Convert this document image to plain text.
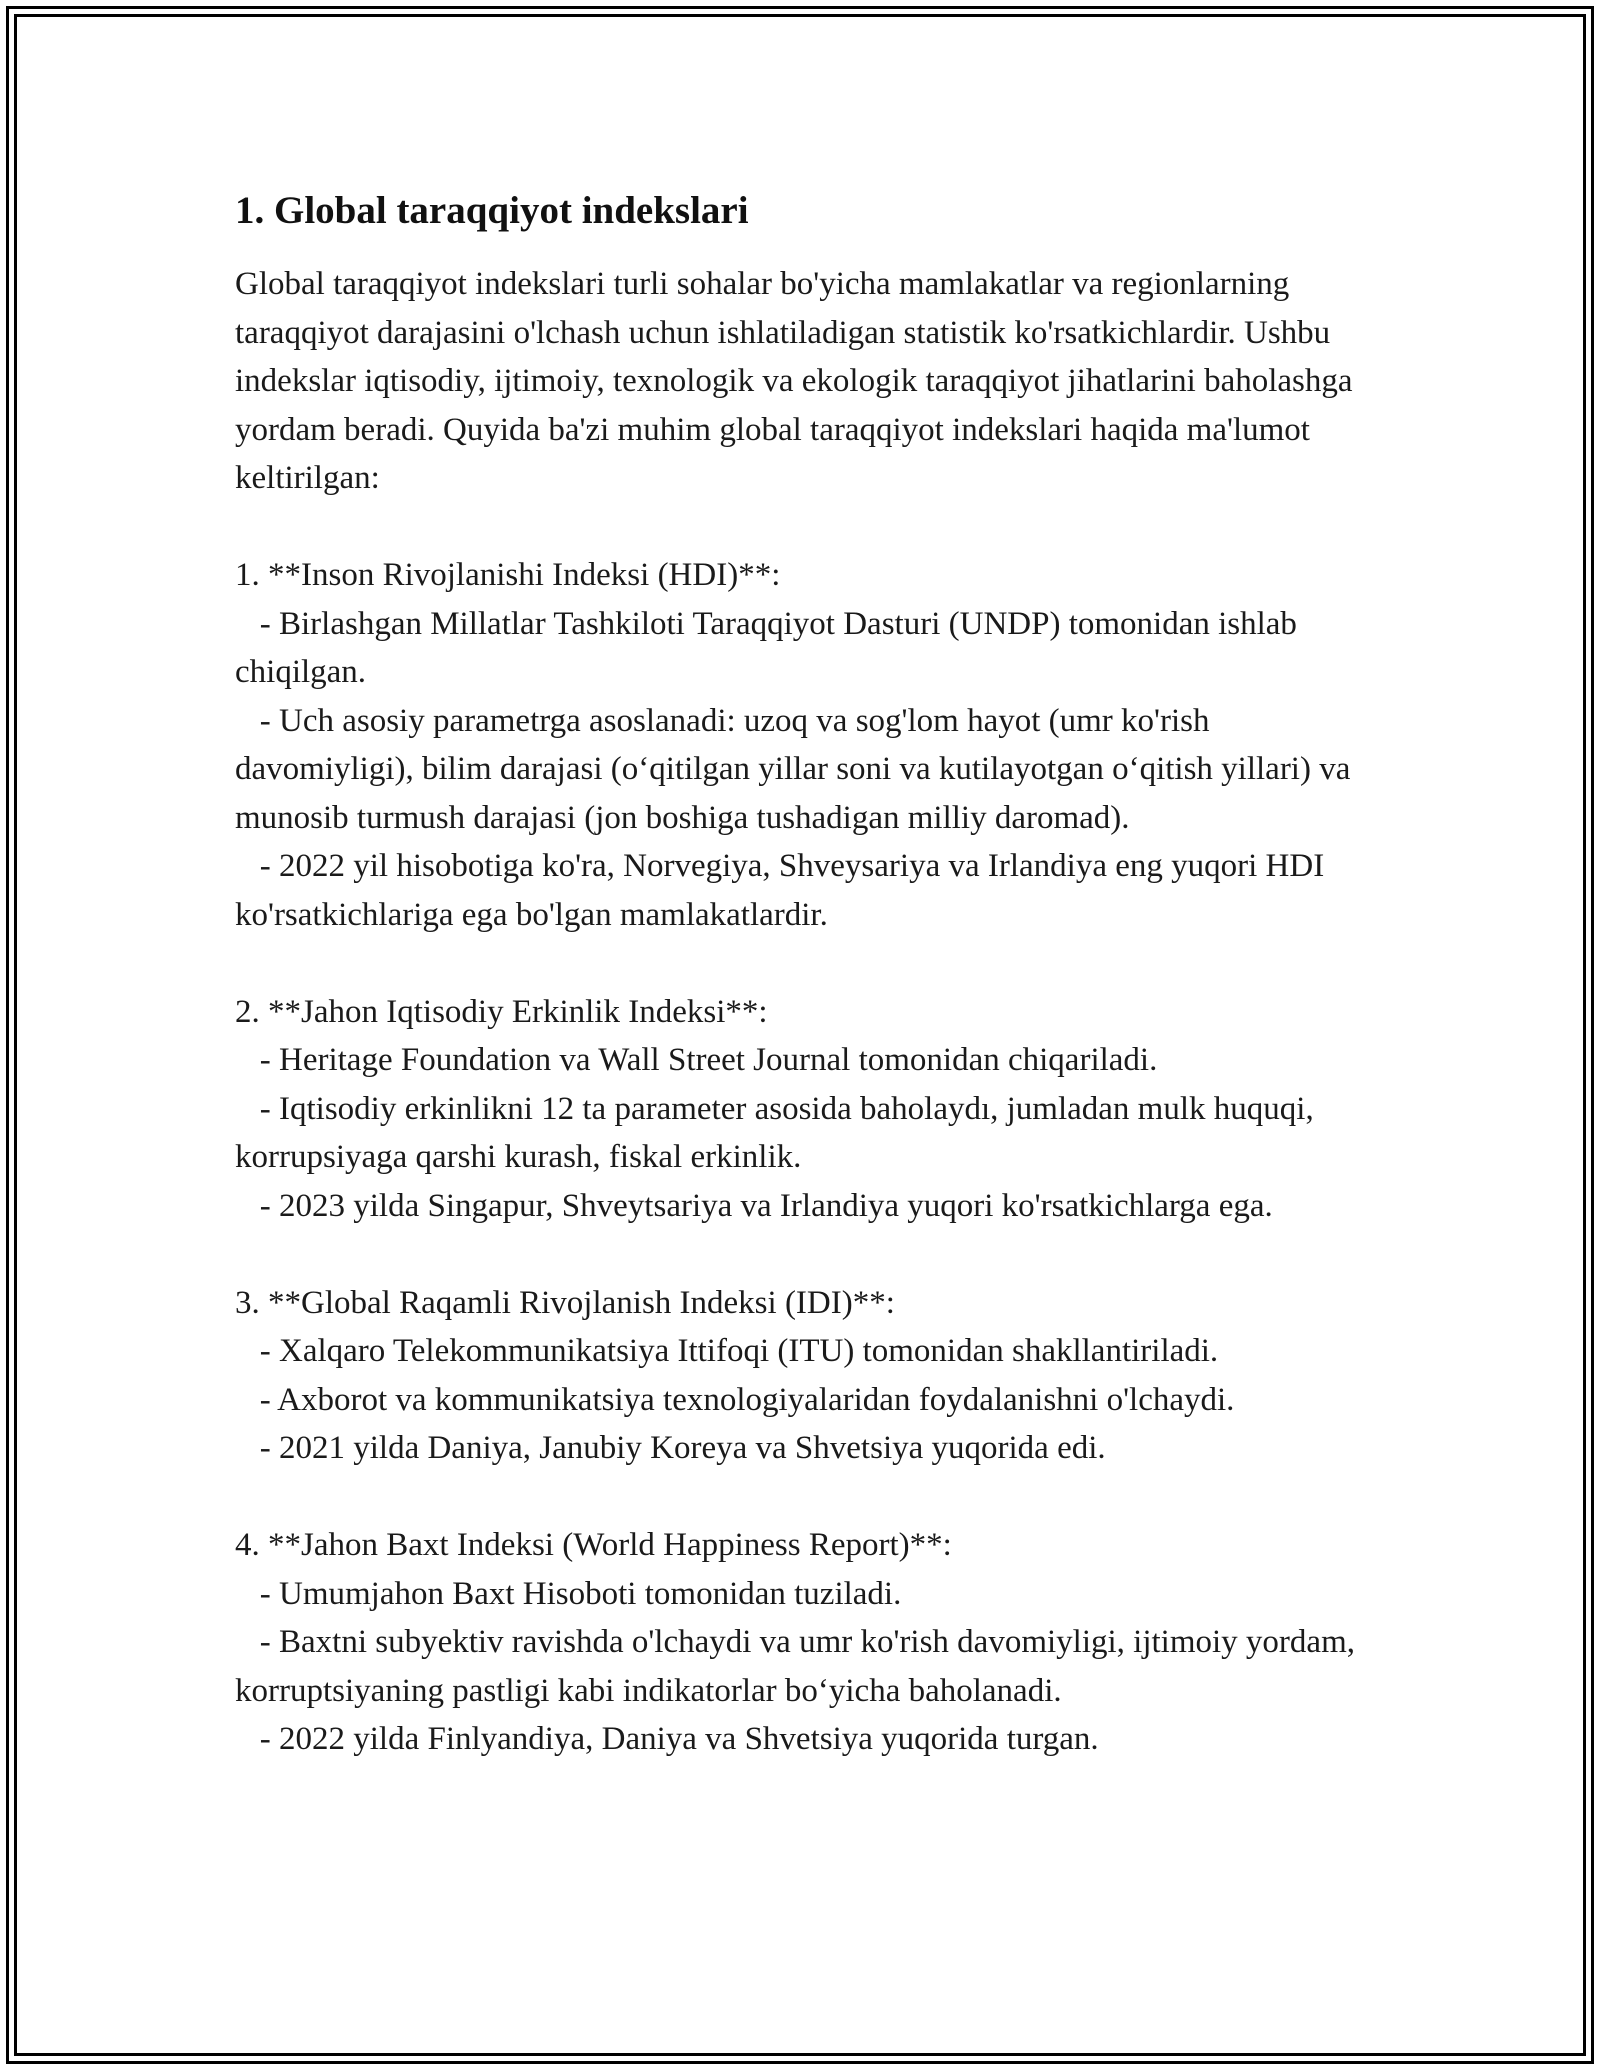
1. Global taraqqiyot indekslari

Global taraqqiyot indekslari turli sohalar bo'yicha mamlakatlar va regionlarning taraqqiyot darajasini o'lchash uchun ishlatiladigan statistik ko'rsatkichlardir. Ushbu indekslar iqtisodiy, ijtimoiy, texnologik va ekologik taraqqiyot jihatlarini baholashga yordam beradi. Quyida ba'zi muhim global taraqqiyot indekslari haqida ma'lumot keltirilgan:

1. **Inson Rivojlanishi Indeksi (HDI)**:

- Birlashgan Millatlar Tashkiloti Taraqqiyot Dasturi (UNDP) tomonidan ishlab chiqilgan.

- Uch asosiy parametrga asoslanadi: uzoq va sog'lom hayot (umr ko'rish davomiyligi), bilim darajasi (o‘qitilgan yillar soni va kutilayotgan o‘qitish yillari) va munosib turmush darajasi (jon boshiga tushadigan milliy daromad).

- 2022 yil hisobotiga ko'ra, Norvegiya, Shveysariya va Irlandiya eng yuqori HDI ko'rsatkichlariga ega bo'lgan mamlakatlardir.

2. **Jahon Iqtisodiy Erkinlik Indeksi**:

- Heritage Foundation va Wall Street Journal tomonidan chiqariladi.

- Iqtisodiy erkinlikni 12 ta parameter asosida baholaydı, jumladan mulk huquqi, korrupsiyaga qarshi kurash, fiskal erkinlik.

- 2023 yilda Singapur, Shveytsariya va Irlandiya yuqori ko'rsatkichlarga ega.

3. **Global Raqamli Rivojlanish Indeksi (IDI)**:

- Xalqaro Telekommunikatsiya Ittifoqi (ITU) tomonidan shakllantiriladi.

- Axborot va kommunikatsiya texnologiyalaridan foydalanishni o'lchaydi.

- 2021 yilda Daniya, Janubiy Koreya va Shvetsiya yuqorida edi.

4. **Jahon Baxt Indeksi (World Happiness Report)**:

- Umumjahon Baxt Hisoboti tomonidan tuziladi.

- Baxtni subyektiv ravishda o'lchaydi va umr ko'rish davomiyligi, ijtimoiy yordam, korruptsiyaning pastligi kabi indikatorlar bo‘yicha baholanadi.

- 2022 yilda Finlyandiya, Daniya va Shvetsiya yuqorida turgan.
